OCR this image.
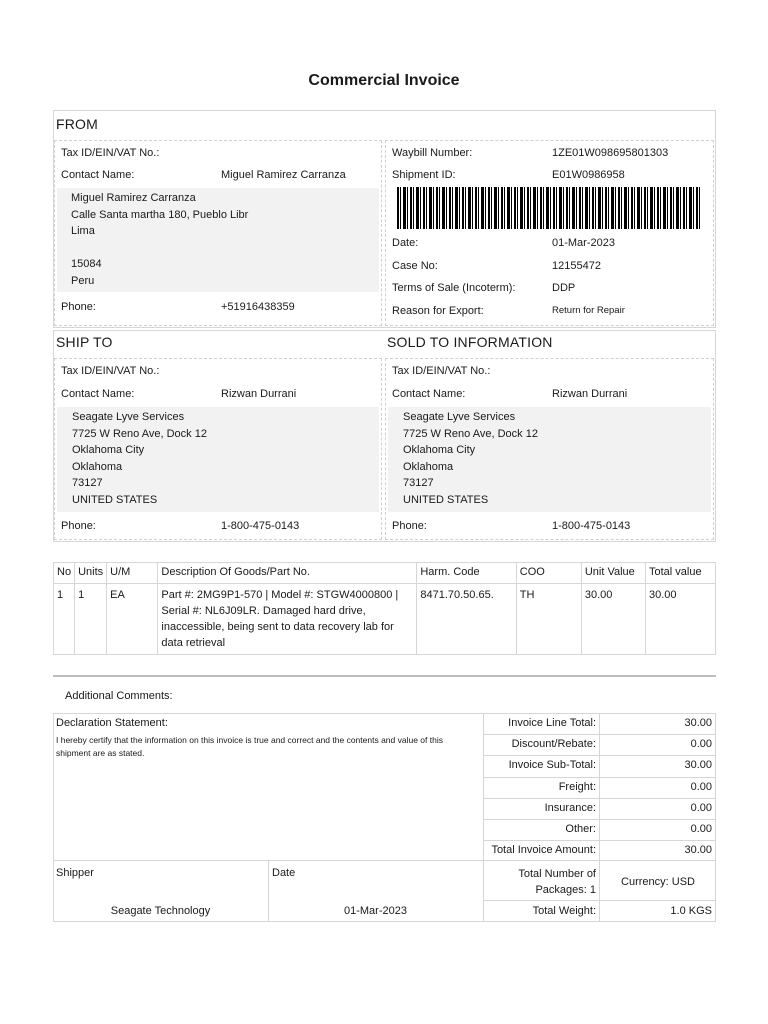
Commercial Invoice
FROM
Tax ID/EIN/VAT No.:
Contact Name:	Miguel Ramirez Carranza
Miguel Ramirez Carranza
Calle Santa martha 180, Pueblo Libr
Lima
15084
Peru
Phone:	+51916438359
Waybill Number:	1ZE01W098695801303
Shipment ID:	E01W0986958
Date:	01-Mar-2023
Case No:	12155472
Terms of Sale (Incoterm):	DDP
Reason for Export:	Return for Repair
SHIP TO	SOLD TO INFORMATION
Tax ID/EIN/VAT No.:
Contact Name:	Rizwan Durrani
Seagate Lyve Services
7725 W Reno Ave, Dock 12
Oklahoma City
Oklahoma
73127
UNITED STATES
Phone:	1-800-475-0143
Tax ID/EIN/VAT No.:
Contact Name:	Rizwan Durrani
Seagate Lyve Services
7725 W Reno Ave, Dock 12
Oklahoma City
Oklahoma
73127
UNITED STATES
Phone:	1-800-475-0143
No	Units	U/M	Description Of Goods/Part No.	Harm. Code	COO	Unit Value	Total value
1	1	EA	Part #: 2MG9P1-570 | Model #: STGW4000800 | Serial #: NL6J09LR. Damaged hard drive, inaccessible, being sent to data recovery lab for data retrieval	8471.70.50.65.	TH	30.00	30.00
Additional Comments:
Declaration Statement:
I hereby certify that the information on this invoice is true and correct and the contents and value of this shipment are as stated.
Invoice Line Total:	30.00
Discount/Rebate:	0.00
Invoice Sub-Total:	30.00
Freight:	0.00
Insurance:	0.00
Other:	0.00
Total Invoice Amount:	30.00
Shipper
Seagate Technology
Date
01-Mar-2023
Total Number of Packages: 1
Currency: USD
Total Weight:	1.0 KGS
